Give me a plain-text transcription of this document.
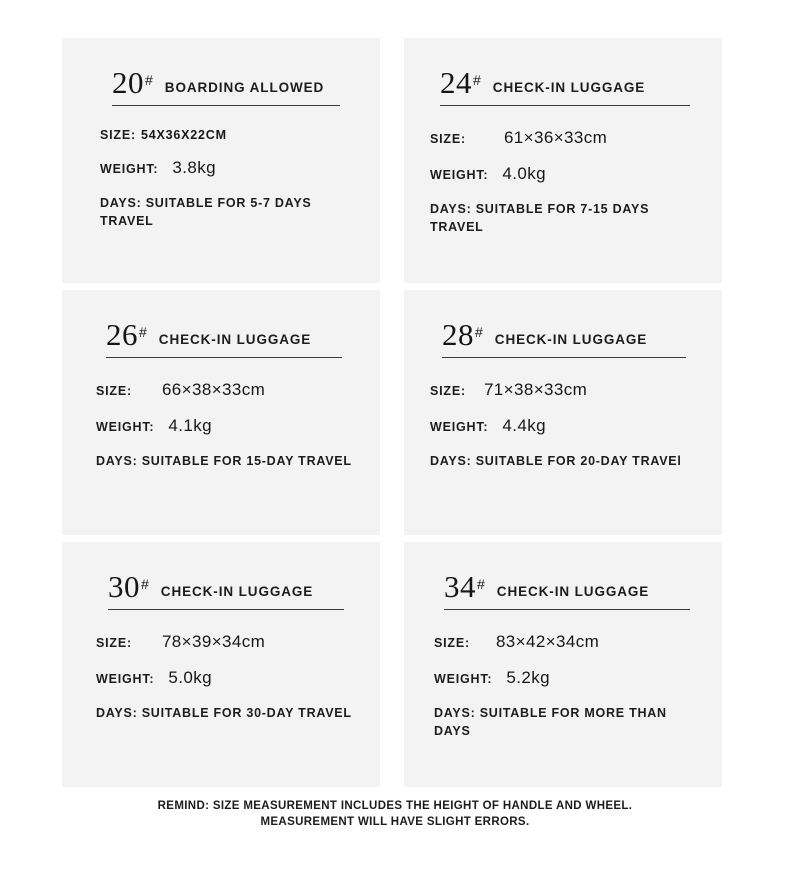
20 # BOARDING ALLOWED
SIZE: 54X36X22CM
WEIGHT: 3.8kg
DAYS: SUITABLE FOR 5-7 DAYS TRAVEL
24 # CHECK-IN LUGGAGE
SIZE: 61×36×33cm
WEIGHT: 4.0kg
DAYS: SUITABLE FOR 7-15 DAYS TRAVEL
26 # CHECK-IN LUGGAGE
SIZE: 66×38×33cm
WEIGHT: 4.1kg
DAYS: SUITABLE FOR 15-DAY TRAVEL
28 # CHECK-IN LUGGAGE
SIZE: 71×38×33cm
WEIGHT: 4.4kg
DAYS: SUITABLE FOR 20-DAY TRAVEl
30 # CHECK-IN LUGGAGE
SIZE: 78×39×34cm
WEIGHT: 5.0kg
DAYS: SUITABLE FOR 30-DAY TRAVEL
34 # CHECK-IN LUGGAGE
SIZE: 83×42×34cm
WEIGHT: 5.2kg
DAYS: SUITABLE FOR MORE THAN DAYS
REMIND: SIZE MEASUREMENT INCLUDES THE HEIGHT OF HANDLE AND WHEEL.
MEASUREMENT WILL HAVE SLIGHT ERRORS.
